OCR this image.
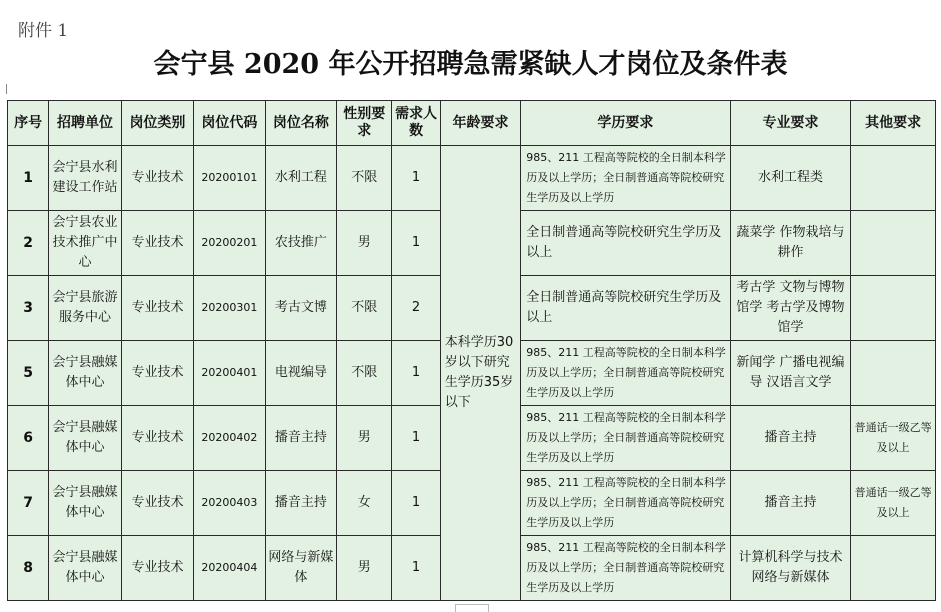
附件 1
会宁县 2020 年公开招聘急需紧缺人才岗位及条件表
序号	招聘单位	岗位类别	岗位代码	岗位名称	性别要求	需求人数	年龄要求	学历要求	专业要求	其他要求
1	会宁县水利建设工作站	专业技术	20200101	水利工程	不限	1	本科学历30岁以下研究生学历35岁以下	985、211 工程高等院校的全日制本科学历及以上学历；全日制普通高等院校研究生学历及以上学历	水利工程类	
2	会宁县农业技术推广中心	专业技术	20200201	农技推广	男	1		全日制普通高等院校研究生学历及以上	蔬菜学 作物栽培与耕作	
3	会宁县旅游服务中心	专业技术	20200301	考古文博	不限	2		全日制普通高等院校研究生学历及以上	考古学 文物与博物馆学 考古学及博物馆学	
5	会宁县融媒体中心	专业技术	20200401	电视编导	不限	1		985、211 工程高等院校的全日制本科学历及以上学历；全日制普通高等院校研究生学历及以上学历	新闻学 广播电视编导 汉语言文学	
6	会宁县融媒体中心	专业技术	20200402	播音主持	男	1		985、211 工程高等院校的全日制本科学历及以上学历；全日制普通高等院校研究生学历及以上学历	播音主持	普通话一级乙等及以上
7	会宁县融媒体中心	专业技术	20200403	播音主持	女	1		985、211 工程高等院校的全日制本科学历及以上学历；全日制普通高等院校研究生学历及以上学历	播音主持	普通话一级乙等及以上
8	会宁县融媒体中心	专业技术	20200404	网络与新媒体	男	1		985、211 工程高等院校的全日制本科学历及以上学历；全日制普通高等院校研究生学历及以上学历	计算机科学与技术 网络与新媒体	
